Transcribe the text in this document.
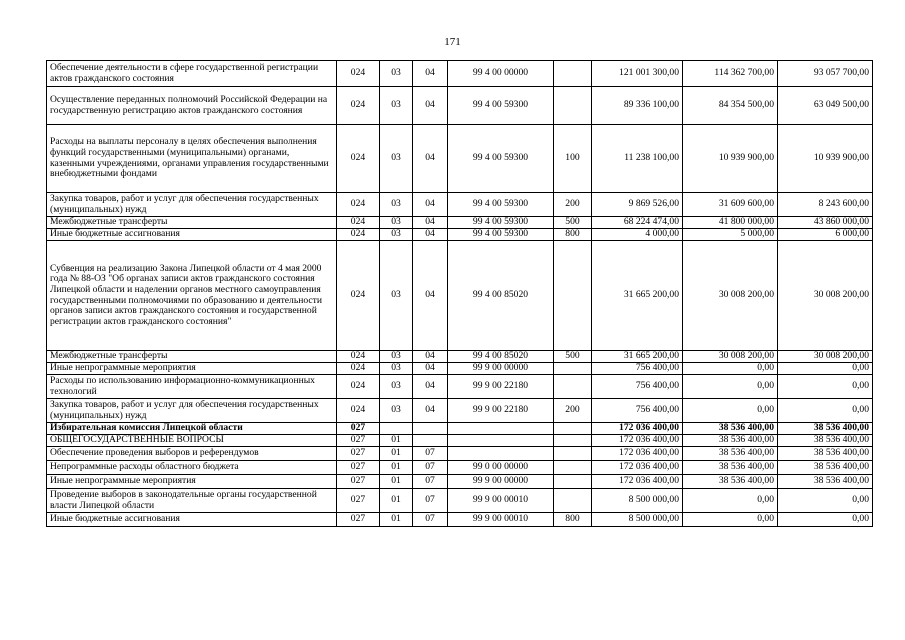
171
Обеспечение деятельности в сфере государственной регистрации актов гражданского состояния	024	03	04	99 4 00 00000		121 001 300,00	114 362 700,00	93 057 700,00
Осуществление переданных полномочий Российской Федерации на государственную регистрацию актов гражданского состояния	024	03	04	99 4 00 59300		89 336 100,00	84 354 500,00	63 049 500,00
Расходы на выплаты персоналу в целях обеспечения выполнения функций государственными (муниципальными) органами, казенными учреждениями, органами управления государственными внебюджетными фондами	024	03	04	99 4 00 59300	100	11 238 100,00	10 939 900,00	10 939 900,00
Закупка товаров, работ и услуг для обеспечения государственных (муниципальных) нужд	024	03	04	99 4 00 59300	200	9 869 526,00	31 609 600,00	8 243 600,00
Межбюджетные трансферты	024	03	04	99 4 00 59300	500	68 224 474,00	41 800 000,00	43 860 000,00
Иные бюджетные ассигнования	024	03	04	99 4 00 59300	800	4 000,00	5 000,00	6 000,00
Субвенция на реализацию Закона Липецкой области от 4 мая 2000 года № 88-ОЗ "Об органах записи актов гражданского состояния Липецкой области и наделении органов местного самоуправления государственными полномочиями по образованию и деятельности органов записи актов гражданского состояния и государственной регистрации актов гражданского состояния"	024	03	04	99 4 00 85020		31 665 200,00	30 008 200,00	30 008 200,00
Межбюджетные трансферты	024	03	04	99 4 00 85020	500	31 665 200,00	30 008 200,00	30 008 200,00
Иные непрограммные мероприятия	024	03	04	99 9 00 00000		756 400,00	0,00	0,00
Расходы по использованию информационно-коммуникационных технологий	024	03	04	99 9 00 22180		756 400,00	0,00	0,00
Закупка товаров, работ и услуг для обеспечения государственных (муниципальных) нужд	024	03	04	99 9 00 22180	200	756 400,00	0,00	0,00
Избирательная комиссия Липецкой области	027					172 036 400,00	38 536 400,00	38 536 400,00
ОБЩЕГОСУДАРСТВЕННЫЕ ВОПРОСЫ	027	01				172 036 400,00	38 536 400,00	38 536 400,00
Обеспечение проведения выборов и референдумов	027	01	07			172 036 400,00	38 536 400,00	38 536 400,00
Непрограммные расходы областного бюджета	027	01	07	99 0 00 00000		172 036 400,00	38 536 400,00	38 536 400,00
Иные непрограммные мероприятия	027	01	07	99 9 00 00000		172 036 400,00	38 536 400,00	38 536 400,00
Проведение выборов в законодательные органы государственной власти Липецкой области	027	01	07	99 9 00 00010		8 500 000,00	0,00	0,00
Иные бюджетные ассигнования	027	01	07	99 9 00 00010	800	8 500 000,00	0,00	0,00
